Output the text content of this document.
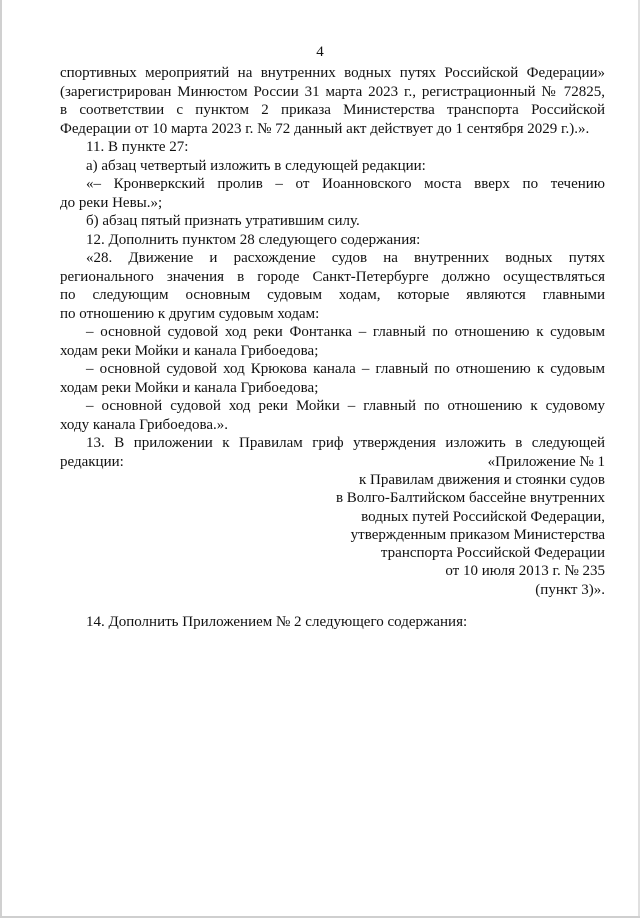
4

спортивных мероприятий на внутренних водных путях Российской Федерации»

(зарегистрирован Минюстом России 31 марта 2023 г., регистрационный № 72825,

в соответствии с пунктом 2 приказа Министерства транспорта Российской

Федерации от 10 марта 2023 г. № 72 данный акт действует до 1 сентября 2029 г.).».

11. В пункте 27:

а) абзац четвертый изложить в следующей редакции:

«– Кронверкский пролив – от Иоанновского моста вверх по течению

до реки Невы.»;

б) абзац пятый признать утратившим силу.

12. Дополнить пунктом 28 следующего содержания:

«28. Движение и расхождение судов на внутренних водных путях

регионального значения в городе Санкт-Петербурге должно осуществляться

по следующим основным судовым ходам, которые являются главными

по отношению к другим судовым ходам:

– основной судовой ход реки Фонтанка – главный по отношению к судовым

ходам реки Мойки и канала Грибоедова;

– основной судовой ход Крюкова канала – главный по отношению к судовым

ходам реки Мойки и канала Грибоедова;

– основной судовой ход реки Мойки – главный по отношению к судовому

ходу канала Грибоедова.».

13. В приложении к Правилам гриф утверждения изложить в следующей

редакции:	«Приложение № 1
к Правилам движения и стоянки судов
в Волго-Балтийском бассейне внутренних
водных путей Российской Федерации,
утвержденным приказом Министерства
транспорта Российской Федерации
от 10 июля 2013 г. № 235
(пункт 3)».

14. Дополнить Приложением № 2 следующего содержания:
